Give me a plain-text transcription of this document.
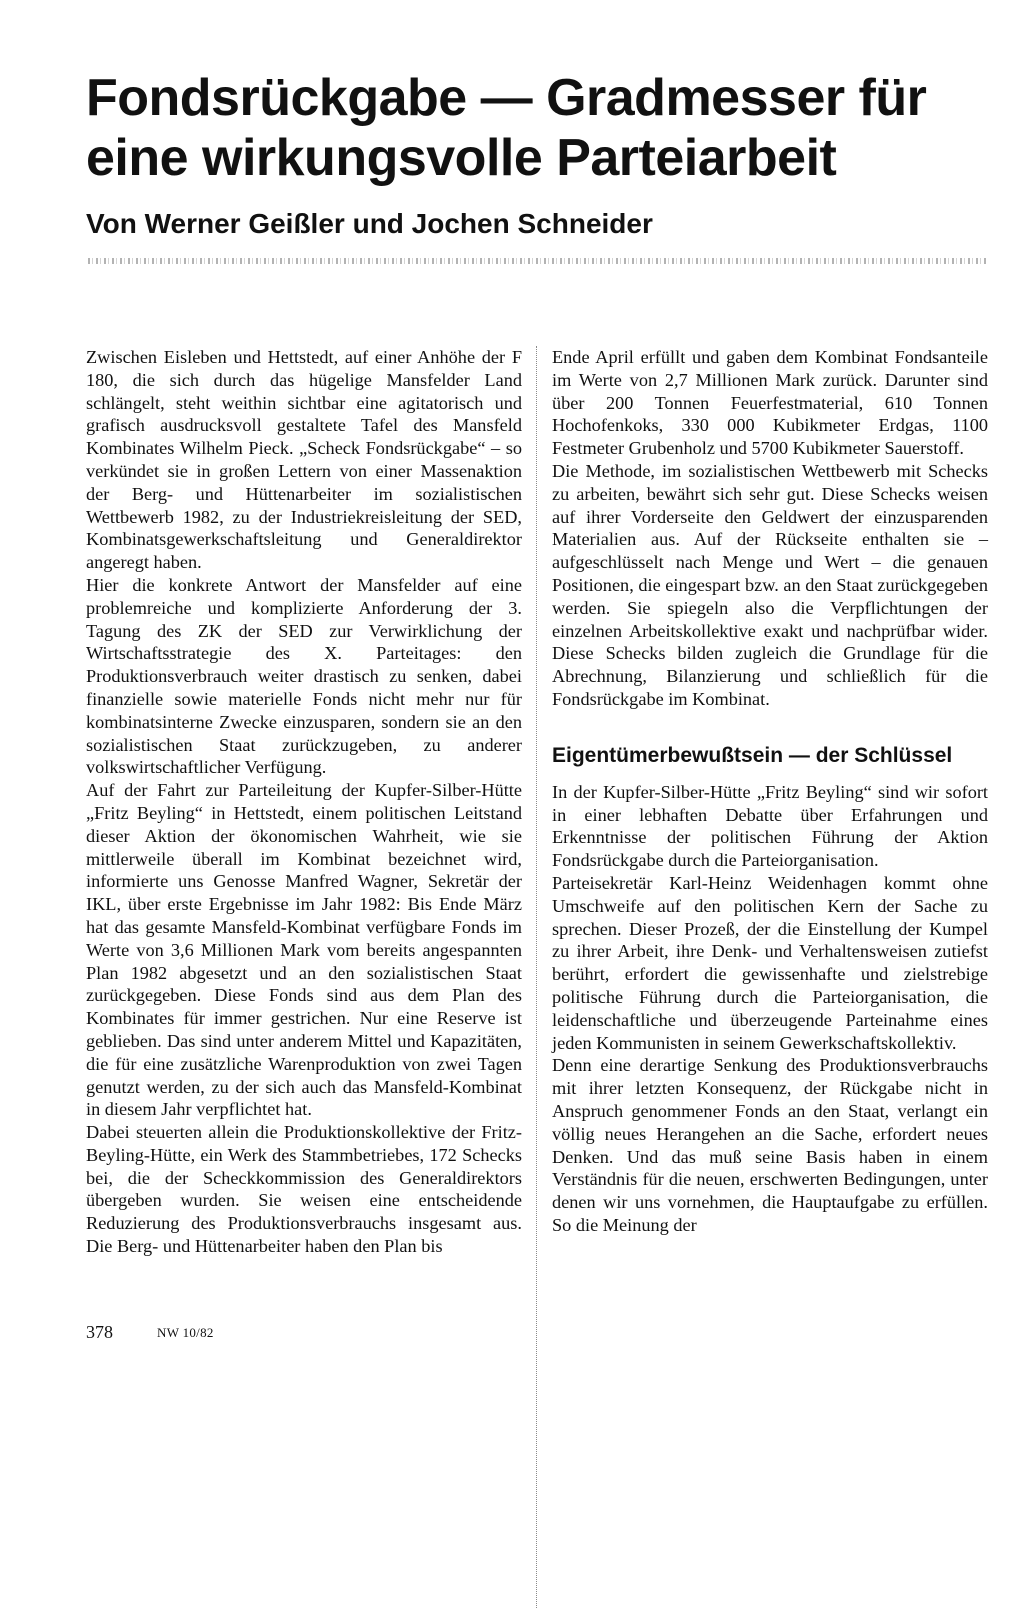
Fondsrückgabe — Gradmesser für
eine wirkungsvolle Parteiarbeit
Von Werner Geißler und Jochen Schneider

Zwischen Eisleben und Hettstedt, auf einer Anhöhe der F 180, die sich durch das hügelige Mansfelder Land schlängelt, steht weithin sichtbar eine agitatorisch und grafisch ausdrucksvoll gestaltete Tafel des Mansfeld Kombinates Wilhelm Pieck. „Scheck Fondsrückgabe“ – so verkündet sie in großen Lettern von einer Massenaktion der Berg- und Hüttenarbeiter im sozialistischen Wettbewerb 1982, zu der Industriekreisleitung der SED, Kombinatsgewerkschaftsleitung und Generaldirektor angeregt haben.

Hier die konkrete Antwort der Mansfelder auf eine problemreiche und komplizierte Anforderung der 3. Tagung des ZK der SED zur Verwirklichung der Wirtschaftsstrategie des X. Parteitages: den Produktionsverbrauch weiter drastisch zu senken, dabei finanzielle sowie materielle Fonds nicht mehr nur für kombinatsinterne Zwecke einzusparen, sondern sie an den sozialistischen Staat zurückzugeben, zu anderer volkswirtschaftlicher Verfügung.

Auf der Fahrt zur Parteileitung der Kupfer-Silber-Hütte „Fritz Beyling“ in Hettstedt, einem politischen Leitstand dieser Aktion der ökonomischen Wahrheit, wie sie mittlerweile überall im Kombinat bezeichnet wird, informierte uns Genosse Manfred Wagner, Sekretär der IKL, über erste Ergebnisse im Jahr 1982: Bis Ende März hat das gesamte Mansfeld-Kombinat verfügbare Fonds im Werte von 3,6 Millionen Mark vom bereits angespannten Plan 1982 abgesetzt und an den sozialistischen Staat zurückgegeben. Diese Fonds sind aus dem Plan des Kombinates für immer gestrichen. Nur eine Reserve ist geblieben. Das sind unter anderem Mittel und Kapazitäten, die für eine zusätzliche Warenproduktion von zwei Tagen genutzt werden, zu der sich auch das Mansfeld-Kombinat in diesem Jahr verpflichtet hat.

Dabei steuerten allein die Produktionskollektive der Fritz-Beyling-Hütte, ein Werk des Stammbetriebes, 172 Schecks bei, die der Scheckkommission des Generaldirektors übergeben wurden. Sie weisen eine entscheidende Reduzierung des Produktionsverbrauchs insgesamt aus. Die Berg- und Hüttenarbeiter haben den Plan bis

Ende April erfüllt und gaben dem Kombinat Fondsanteile im Werte von 2,7 Millionen Mark zurück. Darunter sind über 200 Tonnen Feuerfestmaterial, 610 Tonnen Hochofenkoks, 330 000 Kubikmeter Erdgas, 1100 Festmeter Grubenholz und 5700 Kubikmeter Sauerstoff.

Die Methode, im sozialistischen Wettbewerb mit Schecks zu arbeiten, bewährt sich sehr gut. Diese Schecks weisen auf ihrer Vorderseite den Geldwert der einzusparenden Materialien aus. Auf der Rückseite enthalten sie – aufgeschlüsselt nach Menge und Wert – die genauen Positionen, die eingespart bzw. an den Staat zurückgegeben werden. Sie spiegeln also die Verpflichtungen der einzelnen Arbeitskollektive exakt und nachprüfbar wider. Diese Schecks bilden zugleich die Grundlage für die Abrechnung, Bilanzierung und schließlich für die Fondsrückgabe im Kombinat.

Eigentümerbewußtsein — der Schlüssel

In der Kupfer-Silber-Hütte „Fritz Beyling“ sind wir sofort in einer lebhaften Debatte über Erfahrungen und Erkenntnisse der politischen Führung der Aktion Fondsrückgabe durch die Parteiorganisation.

Parteisekretär Karl-Heinz Weidenhagen kommt ohne Umschweife auf den politischen Kern der Sache zu sprechen. Dieser Prozeß, der die Einstellung der Kumpel zu ihrer Arbeit, ihre Denk- und Verhaltensweisen zutiefst berührt, erfordert die gewissenhafte und zielstrebige politische Führung durch die Parteiorganisation, die leidenschaftliche und überzeugende Parteinahme eines jeden Kommunisten in seinem Gewerkschaftskollektiv.

Denn eine derartige Senkung des Produktionsverbrauchs mit ihrer letzten Konsequenz, der Rückgabe nicht in Anspruch genommener Fonds an den Staat, verlangt ein völlig neues Herangehen an die Sache, erfordert neues Denken. Und das muß seine Basis haben in einem Verständnis für die neuen, erschwerten Bedingungen, unter denen wir uns vornehmen, die Hauptaufgabe zu erfüllen. So die Meinung der

378	NW 10/82
